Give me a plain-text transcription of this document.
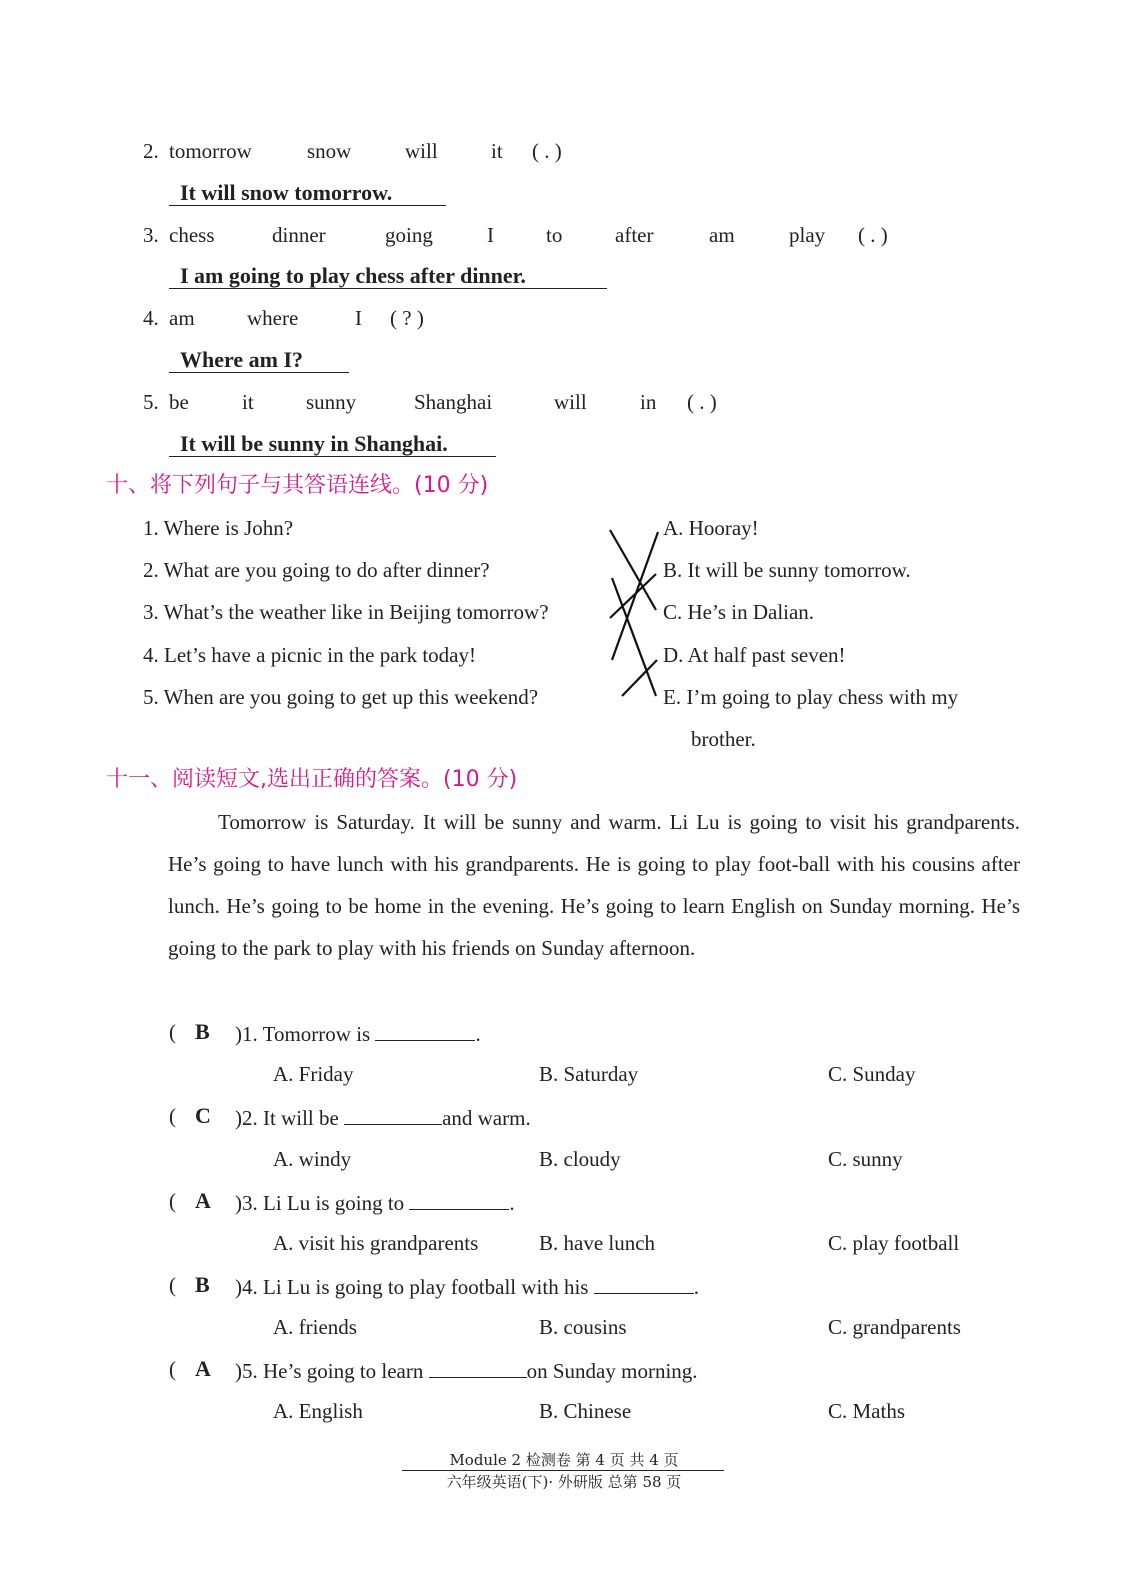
2. tomorrow	snow	will	it ( . )
It will snow tomorrow.
3. chess	dinner	going	I to	after	am	play ( . )
I am going to play chess after dinner.
4. am where	I ( ? )
Where am I?
5. be	it sunny	Shanghai	will	in ( . )
It will be sunny in Shanghai.
十、将下列句子与其答语连线。(10 分)
1. Where is John?
2. What are you going to do after dinner?
3. What’s the weather like in Beijing tomorrow?
4. Let’s have a picnic in the park today!
5. When are you going to get up this weekend?
A. Hooray!
B. It will be sunny tomorrow.
C. He’s in Dalian.
D. At half past seven!
E. I’m going to play chess with my
brother.
十一、阅读短文,选出正确的答案。(10 分)
Tomorrow is Saturday. It will be sunny and warm. Li Lu is going to visit his grandparents. He’s going to have lunch with his grandparents. He is going to play foot-ball with his cousins after lunch. He’s going to be home in the evening. He’s going to learn English on Sunday morning. He’s going to the park to play with his friends on Sunday afternoon.
( B )1. Tomorrow is	.
A. Friday	B. Saturday	C. Sunday
( C )2. It will be	and warm.
A. windy	B. cloudy	C. sunny
( A )3. Li Lu is going to	.
A. visit his grandparents	B. have lunch	C. play football
( B )4. Li Lu is going to play football with his	.
A. friends	B. cousins	C. grandparents
( A )5. He’s going to learn	on Sunday morning.
A. English	B. Chinese	C. Maths
Module 2 检测卷 第 4 页 共 4 页
六年级英语(下)· 外研版 总第 58 页
